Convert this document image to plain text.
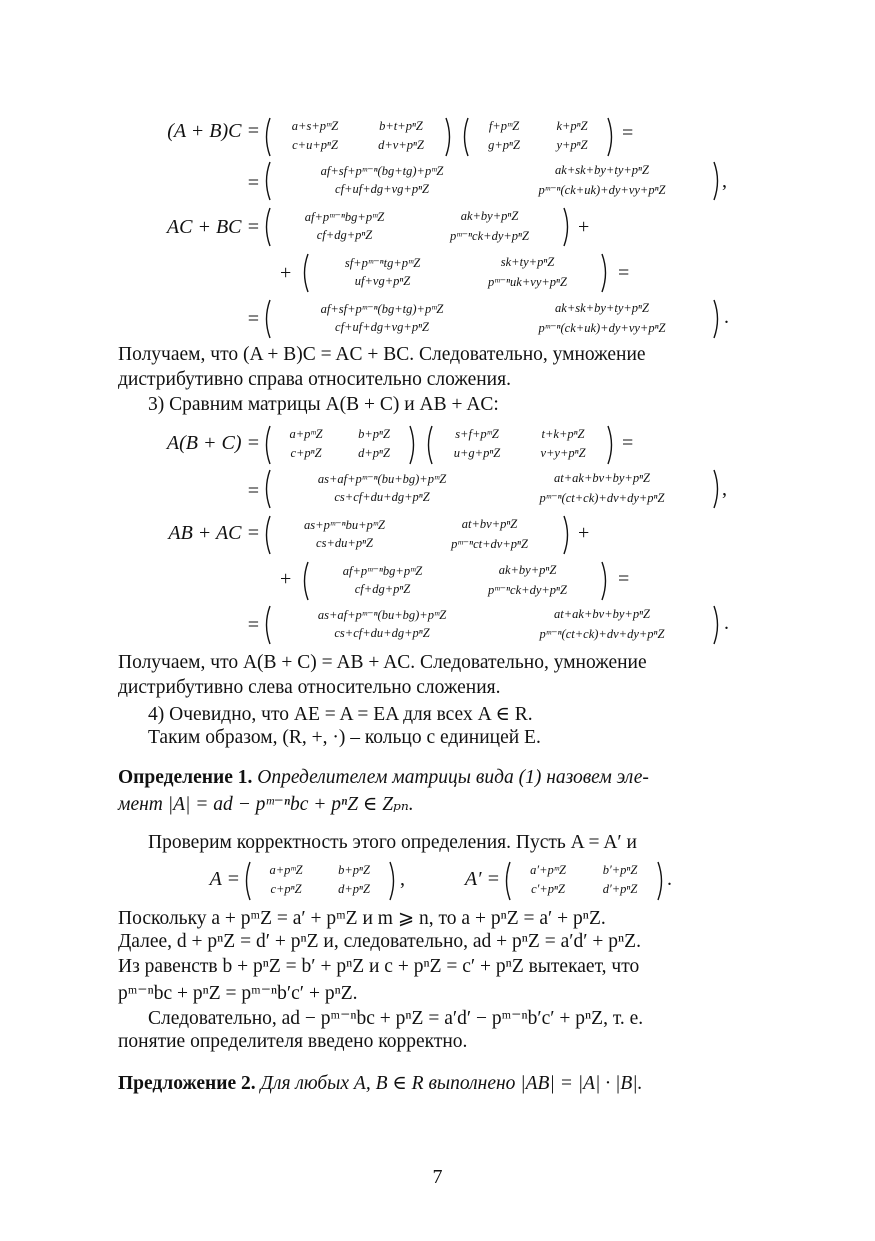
(A + B)C =	a+s+pᵐZ	b+t+pⁿZ
c+u+pⁿZ	d+v+pⁿZ
f+pᵐZ	k+pⁿZ
g+pⁿZ	y+pⁿZ
=
=
af+sf+pᵐ⁻ⁿ(bg+tg)+pᵐZ	ak+sk+by+ty+pⁿZ
cf+uf+dg+vg+pⁿZ	pᵐ⁻ⁿ(ck+uk)+dy+vy+pⁿZ	,
AC + BC =	af+pᵐ⁻ⁿbg+pᵐZ	ak+by+pⁿZ
cf+dg+pⁿZ	pᵐ⁻ⁿck+dy+pⁿZ	+
+	sf+pᵐ⁻ⁿtg+pᵐZ	sk+ty+pⁿZ
uf+vg+pⁿZ	pᵐ⁻ⁿuk+vy+pⁿZ	=
=	af+sf+pᵐ⁻ⁿ(bg+tg)+pᵐZ	ak+sk+by+ty+pⁿZ
cf+uf+dg+vg+pⁿZ	pᵐ⁻ⁿ(ck+uk)+dy+vy+pⁿZ	.
Получаем, что (A + B)C = AC + BC. Следовательно, умножение
дистрибутивно справа относительно сложения.
3) Сравним матрицы A(B + C) и AB + AC:
A(B + C) =	a+pᵐZ	b+pⁿZ
c+pⁿZ	d+pⁿZ
s+f+pᵐZ	t+k+pⁿZ
u+g+pⁿZ	v+y+pⁿZ	=
=
as+af+pᵐ⁻ⁿ(bu+bg)+pᵐZ	at+ak+bv+by+pⁿZ
cs+cf+du+dg+pⁿZ	pᵐ⁻ⁿ(ct+ck)+dv+dy+pⁿZ	,
AB + AC =	as+pᵐ⁻ⁿbu+pᵐZ	at+bv+pⁿZ
cs+du+pⁿZ	pᵐ⁻ⁿct+dv+pⁿZ	+
+	af+pᵐ⁻ⁿbg+pᵐZ	ak+by+pⁿZ
cf+dg+pⁿZ	pᵐ⁻ⁿck+dy+pⁿZ	=
=	as+af+pᵐ⁻ⁿ(bu+bg)+pᵐZ	at+ak+bv+by+pⁿZ
cs+cf+du+dg+pⁿZ	pᵐ⁻ⁿ(ct+ck)+dv+dy+pⁿZ	.
Получаем, что A(B + C) = AB + AC. Следовательно, умножение
дистрибутивно слева относительно сложения.
4) Очевидно, что AE = A = EA для всех A ∈ R.
Таким образом, (R, +, ·) – кольцо с единицей E.
Определение 1. Определителем матрицы вида (1) назовем эле-
мент |A| = ad − pᵐ⁻ⁿbc + pⁿZ ∈ Zₚₙ.
Проверим корректность этого определения. Пусть A = A′ и
A =	a+pᵐZ	b+pⁿZ
c+pⁿZ	d+pⁿZ	,	A′ =	a′+pᵐZ	b′+pⁿZ
c′+pⁿZ	d′+pⁿZ	.
Поскольку a + pᵐZ = a′ + pᵐZ и m ⩾ n, то a + pⁿZ = a′ + pⁿZ.
Далее, d + pⁿZ = d′ + pⁿZ и, следовательно, ad + pⁿZ = a′d′ + pⁿZ.
Из равенств b + pⁿZ = b′ + pⁿZ и c + pⁿZ = c′ + pⁿZ вытекает, что
pᵐ⁻ⁿbc + pⁿZ = pᵐ⁻ⁿb′c′ + pⁿZ.
Следовательно, ad − pᵐ⁻ⁿbc + pⁿZ = a′d′ − pᵐ⁻ⁿb′c′ + pⁿZ, т. е.
понятие определителя введено корректно.
Предложение 2. Для любых A, B ∈ R выполнено |AB| = |A| · |B|.
7
